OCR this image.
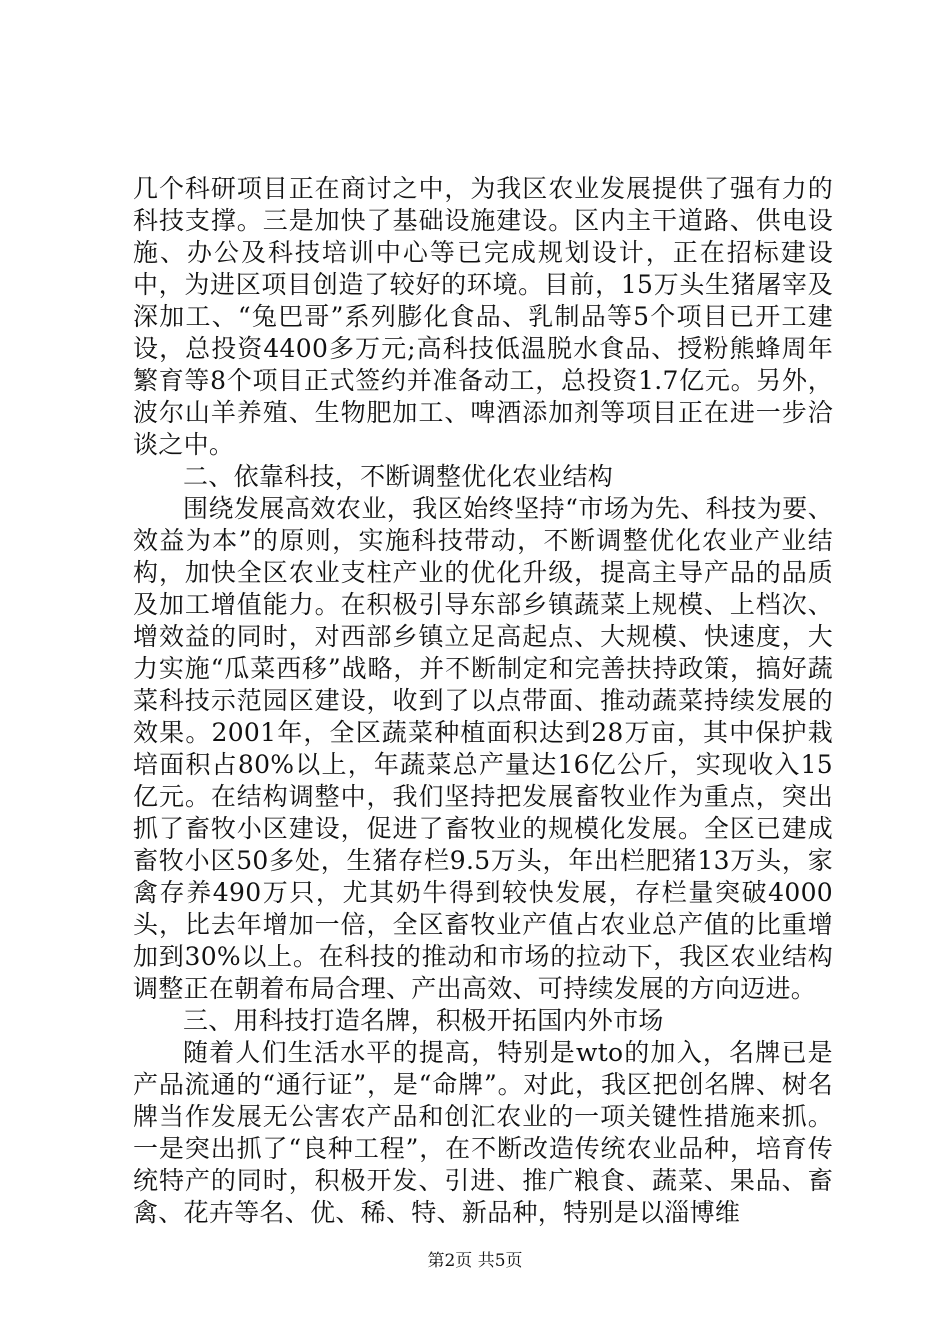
几个科研项目正在商讨之中，为我区农业发展提供了强有力的科技支撑。三是加快了基础设施建设。区内主干道路、供电设施、办公及科技培训中心等已完成规划设计，正在招标建设中，为进区项目创造了较好的环境。目前，15万头生猪屠宰及深加工、“兔巴哥”系列膨化食品、乳制品等5个项目已开工建设，总投资4400多万元;高科技低温脱水食品、授粉熊蜂周年繁育等8个项目正式签约并准备动工，总投资1.7亿元。另外，波尔山羊养殖、生物肥加工、啤酒添加剂等项目正在进一步洽谈之中。

二、依靠科技，不断调整优化农业结构

围绕发展高效农业，我区始终坚持“市场为先、科技为要、效益为本”的原则，实施科技带动，不断调整优化农业产业结构，加快全区农业支柱产业的优化升级，提高主导产品的品质及加工增值能力。在积极引导东部乡镇蔬菜上规模、上档次、增效益的同时，对西部乡镇立足高起点、大规模、快速度，大力实施“瓜菜西移”战略，并不断制定和完善扶持政策，搞好蔬菜科技示范园区建设，收到了以点带面、推动蔬菜持续发展的效果。2001年，全区蔬菜种植面积达到28万亩，其中保护栽培面积占80%以上，年蔬菜总产量达16亿公斤，实现收入15亿元。在结构调整中，我们坚持把发展畜牧业作为重点，突出抓了畜牧小区建设，促进了畜牧业的规模化发展。全区已建成畜牧小区50多处，生猪存栏9.5万头，年出栏肥猪13万头，家禽存养490万只，尤其奶牛得到较快发展，存栏量突破4000头，比去年增加一倍，全区畜牧业产值占农业总产值的比重增加到30%以上。在科技的推动和市场的拉动下，我区农业结构调整正在朝着布局合理、产出高效、可持续发展的方向迈进。

三、用科技打造名牌，积极开拓国内外市场

随着人们生活水平的提高，特别是wto的加入，名牌已是产品流通的“通行证”，是“命牌”。对此，我区把创名牌、树名牌当作发展无公害农产品和创汇农业的一项关键性措施来抓。一是突出抓了“良种工程”，在不断改造传统农业品种，培育传统特产的同时，积极开发、引进、推广粮食、蔬菜、果品、畜禽、花卉等名、优、稀、特、新品种，特别是以淄博维

第2页 共5页
